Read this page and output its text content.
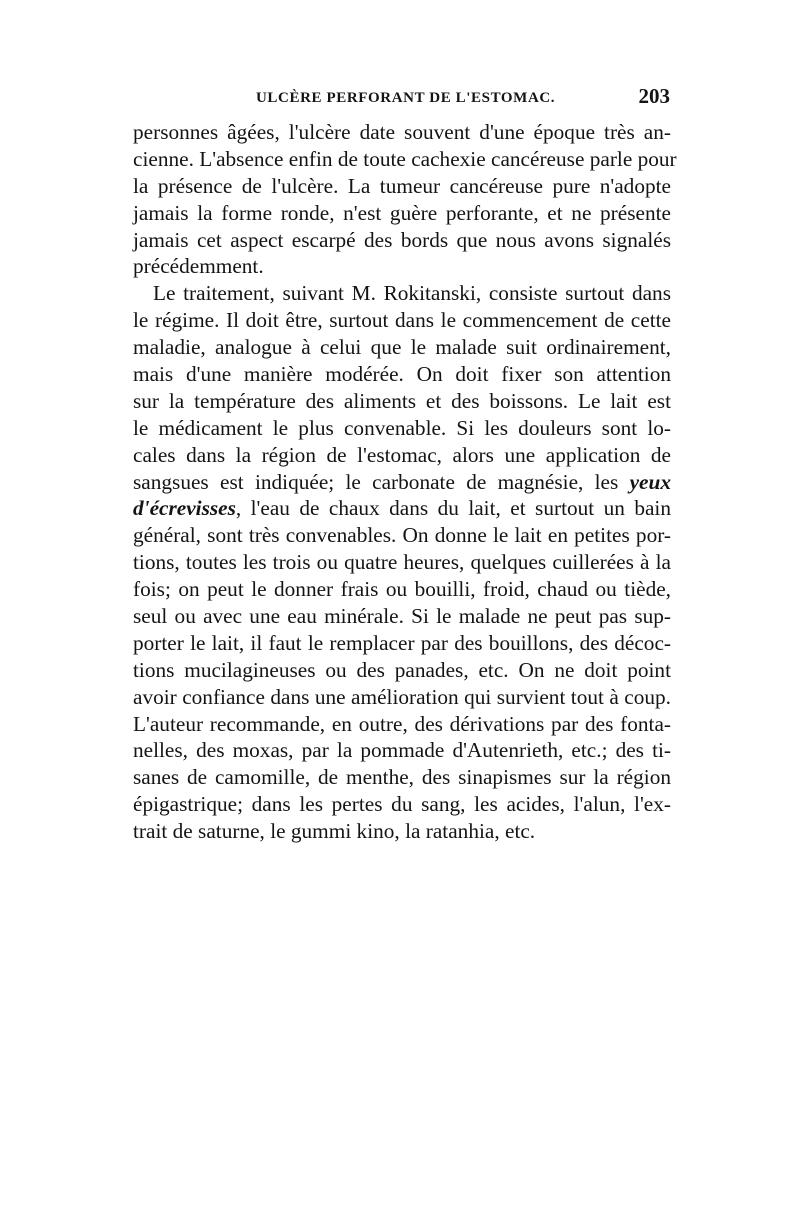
ULCÈRE PERFORANT DE L'ESTOMAC.	203
personnes âgées, l'ulcère date souvent d'une époque très an-
cienne. L'absence enfin de toute cachexie cancéreuse parle pour
la présence de l'ulcère. La tumeur cancéreuse pure n'adopte
jamais la forme ronde, n'est guère perforante, et ne présente
jamais cet aspect escarpé des bords que nous avons signalés
précédemment.
Le traitement, suivant M. Rokitanski, consiste surtout dans
le régime. Il doit être, surtout dans le commencement de cette
maladie, analogue à celui que le malade suit ordinairement,
mais d'une manière modérée. On doit fixer son attention
sur la température des aliments et des boissons. Le lait est
le médicament le plus convenable. Si les douleurs sont lo-
cales dans la région de l'estomac, alors une application de
sangsues est indiquée; le carbonate de magnésie, les yeux
d'écrevisses, l'eau de chaux dans du lait, et surtout un bain
général, sont très convenables. On donne le lait en petites por-
tions, toutes les trois ou quatre heures, quelques cuillerées à la
fois; on peut le donner frais ou bouilli, froid, chaud ou tiède,
seul ou avec une eau minérale. Si le malade ne peut pas sup-
porter le lait, il faut le remplacer par des bouillons, des décoc-
tions mucilagineuses ou des panades, etc. On ne doit point
avoir confiance dans une amélioration qui survient tout à coup.
L'auteur recommande, en outre, des dérivations par des fonta-
nelles, des moxas, par la pommade d'Autenrieth, etc.; des ti-
sanes de camomille, de menthe, des sinapismes sur la région
épigastrique; dans les pertes du sang, les acides, l'alun, l'ex-
trait de saturne, le gummi kino, la ratanhia, etc.
